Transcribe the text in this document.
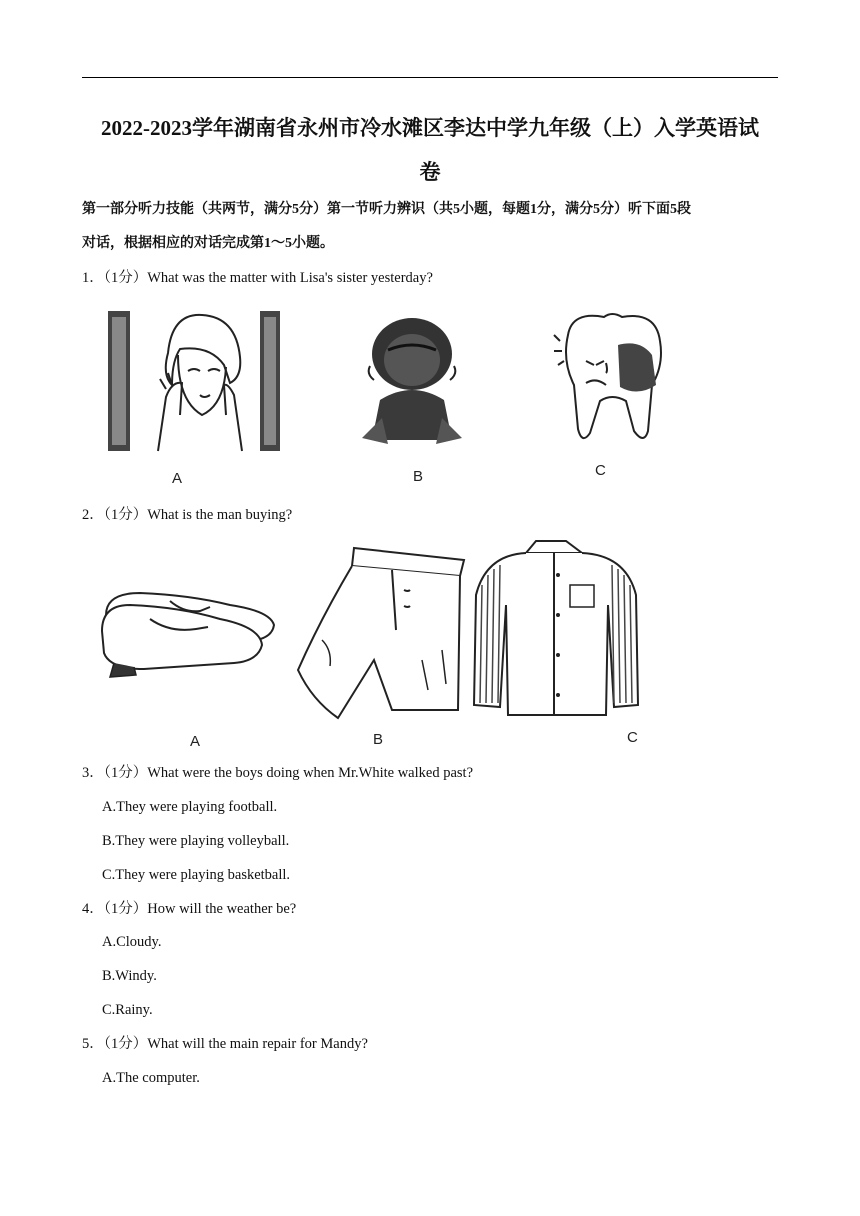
2022-2023学年湖南省永州市冷水滩区李达中学九年级（上）入学英语试
卷
第一部分听力技能（共两节，满分5分）第一节听力辨识（共5小题，每题1分，满分5分）听下面5段
对话，根据相应的对话完成第1～5小题。
1．（1分）What was the matter with Lisa's sister yesterday?
A	B	C
2．（1分）What is the man buying?
A	B	C
3．（1分）What were the boys doing when Mr.White walked past?
A.They were playing football.
B.They were playing volleyball.
C.They were playing basketball.
4．（1分）How will the weather be?
A.Cloudy.
B.Windy.
C.Rainy.
5．（1分）What will the main repair for Mandy?
A.The computer.
